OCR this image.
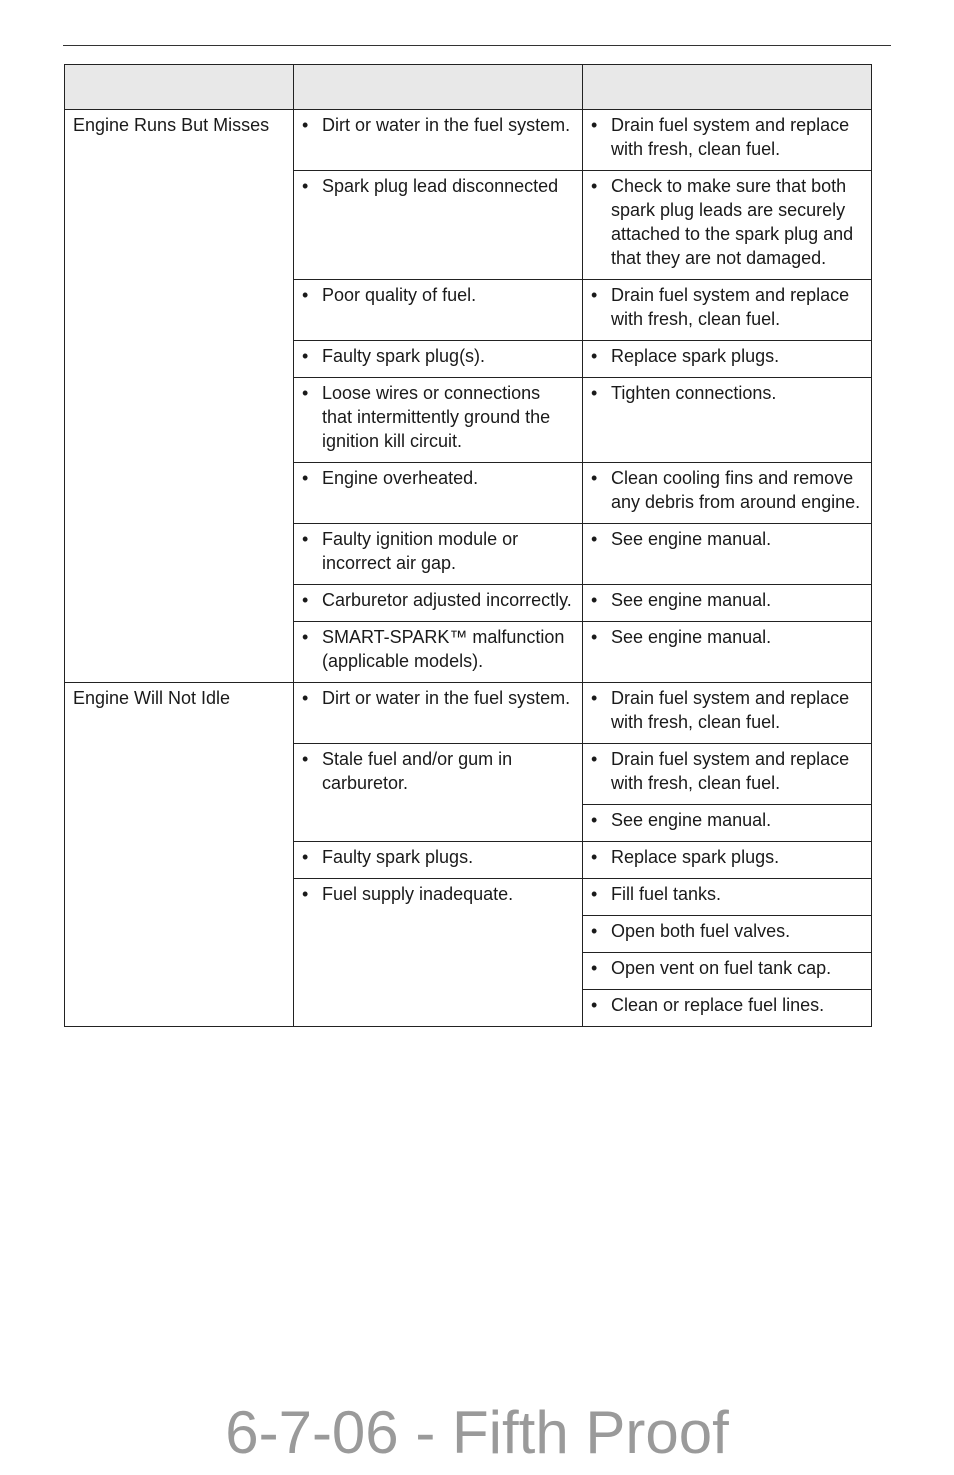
Engine Runs But Misses	• Dirt or water in the fuel system.	• Drain fuel system and replace with fresh, clean fuel.

	• Spark plug lead disconnected	• Check to make sure that both spark plug leads are securely attached to the spark plug and that they are not damaged.

	• Poor quality of fuel.	• Drain fuel system and replace with fresh, clean fuel.

	• Faulty spark plug(s).	• Replace spark plugs.

	• Loose wires or connections that intermittently ground the ignition kill circuit.	• Tighten connections.

	• Engine overheated.	• Clean cooling fins and remove any debris from around engine.

	• Faulty ignition module or incorrect air gap.	• See engine manual.

	• Carburetor adjusted incorrectly.	• See engine manual.

	• SMART-SPARK™ malfunction (applicable models).	• See engine manual.

Engine Will Not Idle	• Dirt or water in the fuel system.	• Drain fuel system and replace with fresh, clean fuel.

	• Stale fuel and/or gum in carburetor.	• Drain fuel system and replace with fresh, clean fuel.

		• See engine manual.

	• Faulty spark plugs.	• Replace spark plugs.

	• Fuel supply inadequate.	• Fill fuel tanks.

		• Open both fuel valves.

		• Open vent on fuel tank cap.

		• Clean or replace fuel lines.
6-7-06 - Fifth Proof
